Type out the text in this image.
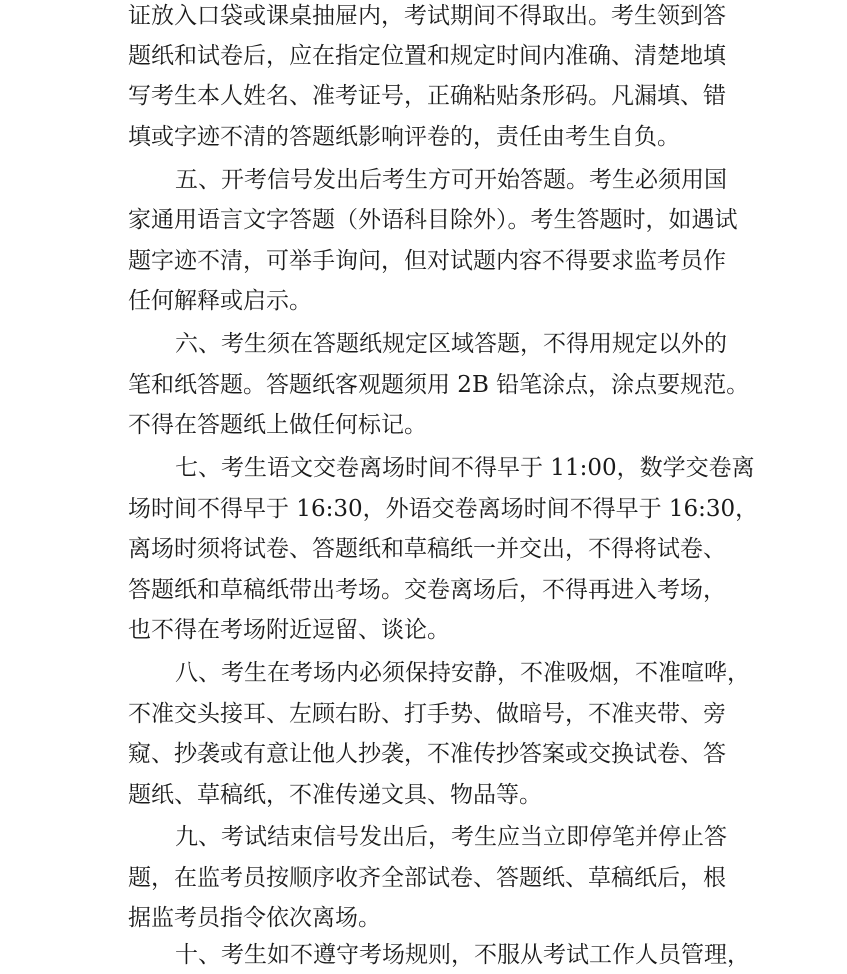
证放入口袋或课桌抽屉内，考试期间不得取出。考生领到答
题纸和试卷后，应在指定位置和规定时间内准确、清楚地填
写考生本人姓名、准考证号，正确粘贴条形码。凡漏填、错
填或字迹不清的答题纸影响评卷的，责任由考生自负。
五、开考信号发出后考生方可开始答题。考生必须用国
家通用语言文字答题（外语科目除外）。考生答题时，如遇试
题字迹不清，可举手询问，但对试题内容不得要求监考员作
任何解释或启示。
六、考生须在答题纸规定区域答题，不得用规定以外的
笔和纸答题。答题纸客观题须用 2B 铅笔涂点，涂点要规范。
不得在答题纸上做任何标记。
七、考生语文交卷离场时间不得早于 11:00，数学交卷离
场时间不得早于 16:30，外语交卷离场时间不得早于 16:30，
离场时须将试卷、答题纸和草稿纸一并交出，不得将试卷、
答题纸和草稿纸带出考场。交卷离场后，不得再进入考场，
也不得在考场附近逗留、谈论。
八、考生在考场内必须保持安静，不准吸烟，不准喧哗，
不准交头接耳、左顾右盼、打手势、做暗号，不准夹带、旁
窥、抄袭或有意让他人抄袭，不准传抄答案或交换试卷、答
题纸、草稿纸，不准传递文具、物品等。
九、考试结束信号发出后，考生应当立即停笔并停止答
题，在监考员按顺序收齐全部试卷、答题纸、草稿纸后，根
据监考员指令依次离场。
十、考生如不遵守考场规则，不服从考试工作人员管理，
